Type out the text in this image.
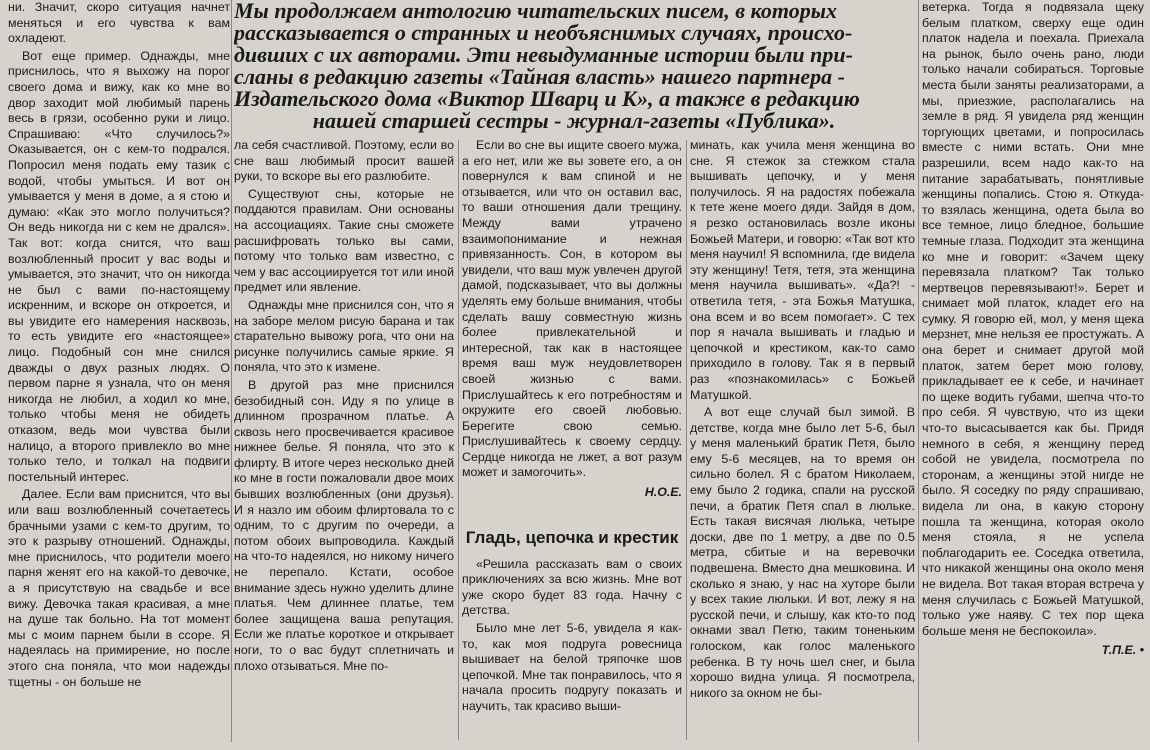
Мы продолжаем антологию читательских писем, в которых
рассказывается о странных и необъяснимых случаях, происхо-
дивших с их авторами. Эти невыдуманные истории были при-
сланы в редакцию газеты «Тайная власть» нашего партнера -
Издательского дома «Виктор Шварц и К», а также в редакцию
нашей старшей сестры - журнал-газеты «Публика».

ни. Значит, скоро ситуация начнет меняться и его чувства к вам охладеют.

Вот еще пример. Однажды, мне приснилось, что я выхожу на порог своего дома и вижу, как ко мне во двор заходит мой любимый парень весь в грязи, особенно руки и лицо. Спрашиваю: «Что случилось?» Оказывается, он с кем-то подрался. Попросил меня подать ему тазик с водой, чтобы умыться. И вот он умывается у меня в доме, а я стою и думаю: «Как это могло получиться? Он ведь никогда ни с кем не дрался». Так вот: когда снится, что ваш возлюбленный просит у вас воды и умывается, это значит, что он никогда не был с вами по-настоящему искренним, и вскоре он откроется, и вы увидите его намерения насквозь, то есть увидите его «настоящее» лицо. Подобный сон мне снился дважды о двух разных людях. О первом парне я узнала, что он меня никогда не любил, а ходил ко мне, только чтобы меня не обидеть отказом, ведь мои чувства были налицо, а второго привлекло во мне только тело, и толкал на подвиги постельный интерес.

Далее. Если вам приснится, что вы или ваш возлюбленный сочетаетесь брачными узами с кем-то другим, то это к разрыву отношений. Однажды, мне приснилось, что родители моего парня женят его на какой-то девочке, а я присутствую на свадьбе и все вижу. Девочка такая красивая, а мне на душе так больно. На тот момент мы с моим парнем были в ссоре. Я надеялась на примирение, но после этого сна поняла, что мои надежды тщетны - он больше не

ла себя счастливой. Поэтому, если во сне ваш любимый просит вашей руки, то вскоре вы его разлюбите.

Существуют сны, которые не поддаются правилам. Они основаны на ассоциациях. Такие сны сможете расшифровать только вы сами, потому что только вам известно, с чем у вас ассоциируется тот или иной предмет или явление.

Однажды мне приснился сон, что я на заборе мелом рисую барана и так старательно вывожу рога, что они на рисунке получились самые яркие. Я поняла, что это к измене.

В другой раз мне приснился безобидный сон. Иду я по улице в длинном прозрачном платье. А сквозь него просвечивается красивое нижнее белье. Я поняла, что это к флирту. В итоге через несколько дней ко мне в гости пожаловали двое моих бывших возлюбленных (они друзья). И я назло им обоим флиртовала то с одним, то с другим по очереди, а потом обоих выпроводила. Каждый на что-то надеялся, но никому ничего не перепало. Кстати, особое внимание здесь нужно уделить длине платья. Чем длиннее платье, тем более защищена ваша репутация. Если же платье короткое и открывает ноги, то о вас будут сплетничать и плохо отзываться. Мне по-

Если во сне вы ищите своего мужа, а его нет, или же вы зовете его, а он повернулся к вам спиной и не отзывается, или что он оставил вас, то ваши отношения дали трещину. Между вами утрачено взаимопонимание и нежная привязанность. Сон, в котором вы увидели, что ваш муж увлечен другой дамой, подсказывает, что вы должны уделять ему больше внимания, чтобы сделать вашу совместную жизнь более привлекательной и интересной, так как в настоящее время ваш муж неудовлетворен своей жизнью с вами. Прислушайтесь к его потребностям и окружите его своей любовью. Берегите свою семью. Прислушивайтесь к своему сердцу. Сердце никогда не лжет, а вот разум может и замorочить».

Н.О.Е.
Гладь, цепочка и крестик

«Решила рассказать вам о своих приключениях за всю жизнь. Мне вот уже скоро будет 83 года. Начну с детства.

Было мне лет 5-6, увидела я как-то, как моя подруга ровесница вышивает на белой тряпочке шов цепочкой. Мне так понравилось, что я начала просить подругу показать и научить, так красиво выши-

минать, как учила меня женщина во сне. Я стежок за стежком стала вышивать цепочку, и у меня получилось. Я на радостях побежала к тете жене моего дяди. Зайдя в дом, я резко остановилась возле иконы Божьей Матери, и говорю: «Так вот кто меня научил! Я вспомнила, где видела эту женщину! Тетя, тетя, эта женщина меня научила вышивать». «Да?! - ответила тетя, - эта Божья Матушка, она всем и во всем помогает». С тех пор я начала вышивать и гладью и цепочкой и крестиком, как-то само приходило в голову. Так я в первый раз «познакомилась» с Божьей Матушкой.

А вот еще случай был зимой. В детстве, когда мне было лет 5-6, был у меня маленький братик Петя, было ему 5-6 месяцев, на то время он сильно болел. Я с братом Николаем, ему было 2 годика, спали на русской печи, а братик Петя спал в люльке. Есть такая висячая люлька, четыре доски, две по 1 метру, а две по 0.5 метра, сбитые и на веревочки подвешена. Вместо дна мешковина. И сколько я знаю, у нас на хуторе были у всех такие люльки. И вот, лежу я на русской печи, и слышу, как кто-то под окнами звал Петю, таким тоненьким голоском, как голос маленького ребенка. В ту ночь шел снег, и была хорошо видна улица. Я посмотрела, никого за окном не бы-

ветерка. Тогда я подвязала щеку белым платком, сверху еще один платок надела и поехала. Приехала на рынок, было очень рано, люди только начали собираться. Торговые места были заняты реализаторами, а мы, приезжие, располагались на земле в ряд. Я увидела ряд женщин торгующих цветами, и попросилась вместе с ними встать. Они мне разрешили, всем надо как-то на питание зарабатывать, понятливые женщины попались. Стою я. Откуда-то взялась женщина, одета была во все темное, лицо бледное, большие темные глаза. Подходит эта женщина ко мне и говорит: «Зачем щеку перевязала платком? Так только мертвецов перевязывают!». Берет и снимает мой платок, кладет его на сумку. Я говорю ей, мол, у меня щека мерзнет, мне нельзя ее простужать. А она берет и снимает другой мой платок, затем берет мою голову, прикладывает ее к себе, и начинает по щеке водить губами, шепча что-то про себя. Я чувствую, что из щеки что-то высасывается как бы. Придя немного в себя, я женщину перед собой не увидела, посмотрела по сторонам, а женщины этой нигде не было. Я соседку по ряду спрашиваю, видела ли она, в какую сторону пошла та женщина, которая около меня стояла, я не успела поблагодарить ее. Соседка ответила, что никакой женщины она около меня не видела. Вот такая вторая встреча у меня случилась с Божьей Матушкой, только уже наяву. С тех пор щека больше меня не беспокоила».

Т.П.Е. •
